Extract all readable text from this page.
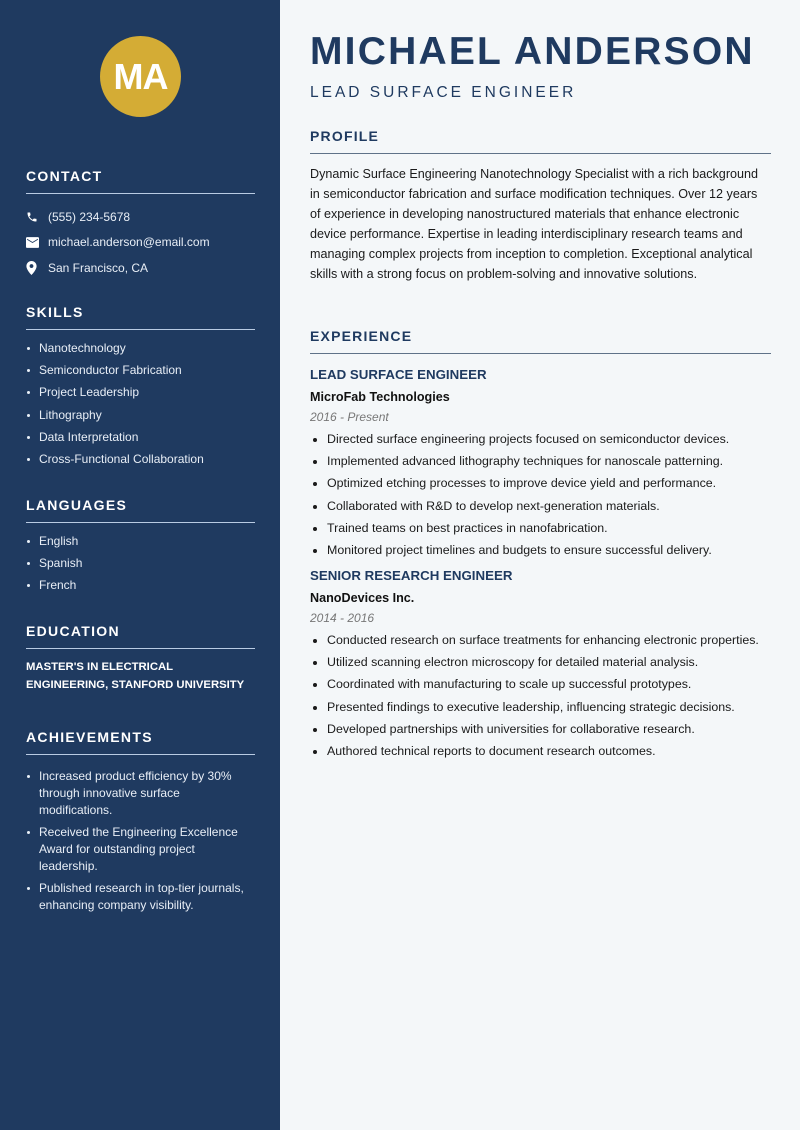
MA
CONTACT
(555) 234-5678
michael.anderson@email.com
San Francisco, CA
SKILLS
Nanotechnology
Semiconductor Fabrication
Project Leadership
Lithography
Data Interpretation
Cross-Functional Collaboration
LANGUAGES
English
Spanish
French
EDUCATION
MASTER'S IN ELECTRICAL ENGINEERING, STANFORD UNIVERSITY
ACHIEVEMENTS
Increased product efficiency by 30% through innovative surface modifications.
Received the Engineering Excellence Award for outstanding project leadership.
Published research in top-tier journals, enhancing company visibility.
MICHAEL ANDERSON
LEAD SURFACE ENGINEER
PROFILE

Dynamic Surface Engineering Nanotechnology Specialist with a rich background in semiconductor fabrication and surface modification techniques. Over 12 years of experience in developing nanostructured materials that enhance electronic device performance. Expertise in leading interdisciplinary research teams and managing complex projects from inception to completion. Exceptional analytical skills with a strong focus on problem-solving and innovative solutions.

EXPERIENCE
LEAD SURFACE ENGINEER
MicroFab Technologies
2016 - Present
Directed surface engineering projects focused on semiconductor devices.
Implemented advanced lithography techniques for nanoscale patterning.
Optimized etching processes to improve device yield and performance.
Collaborated with R&D to develop next-generation materials.
Trained teams on best practices in nanofabrication.
Monitored project timelines and budgets to ensure successful delivery.
SENIOR RESEARCH ENGINEER
NanoDevices Inc.
2014 - 2016
Conducted research on surface treatments for enhancing electronic properties.
Utilized scanning electron microscopy for detailed material analysis.
Coordinated with manufacturing to scale up successful prototypes.
Presented findings to executive leadership, influencing strategic decisions.
Developed partnerships with universities for collaborative research.
Authored technical reports to document research outcomes.
